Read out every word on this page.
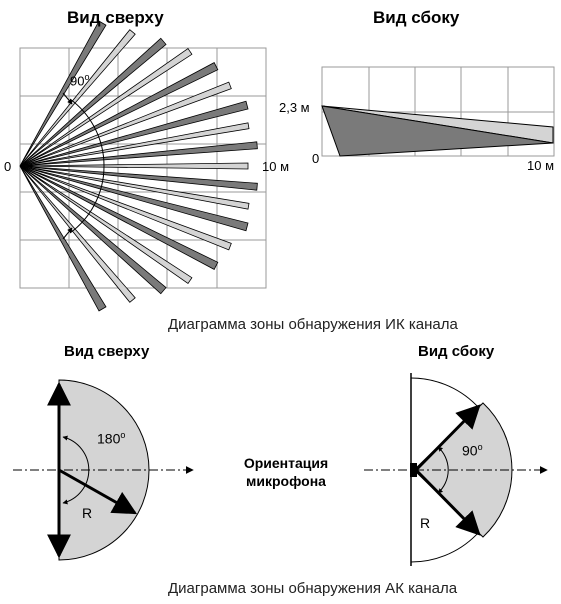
Вид сверху
90$^o$
0	10 м
Вид сбоку
2,3 м
0	10 м
Диаграмма зоны обнаружения ИК канала
Вид сверху
180$^o$
R
Ориентация
микрофона
Вид сбоку
90$^o$
R
Диаграмма зоны обнаружения АК канала
